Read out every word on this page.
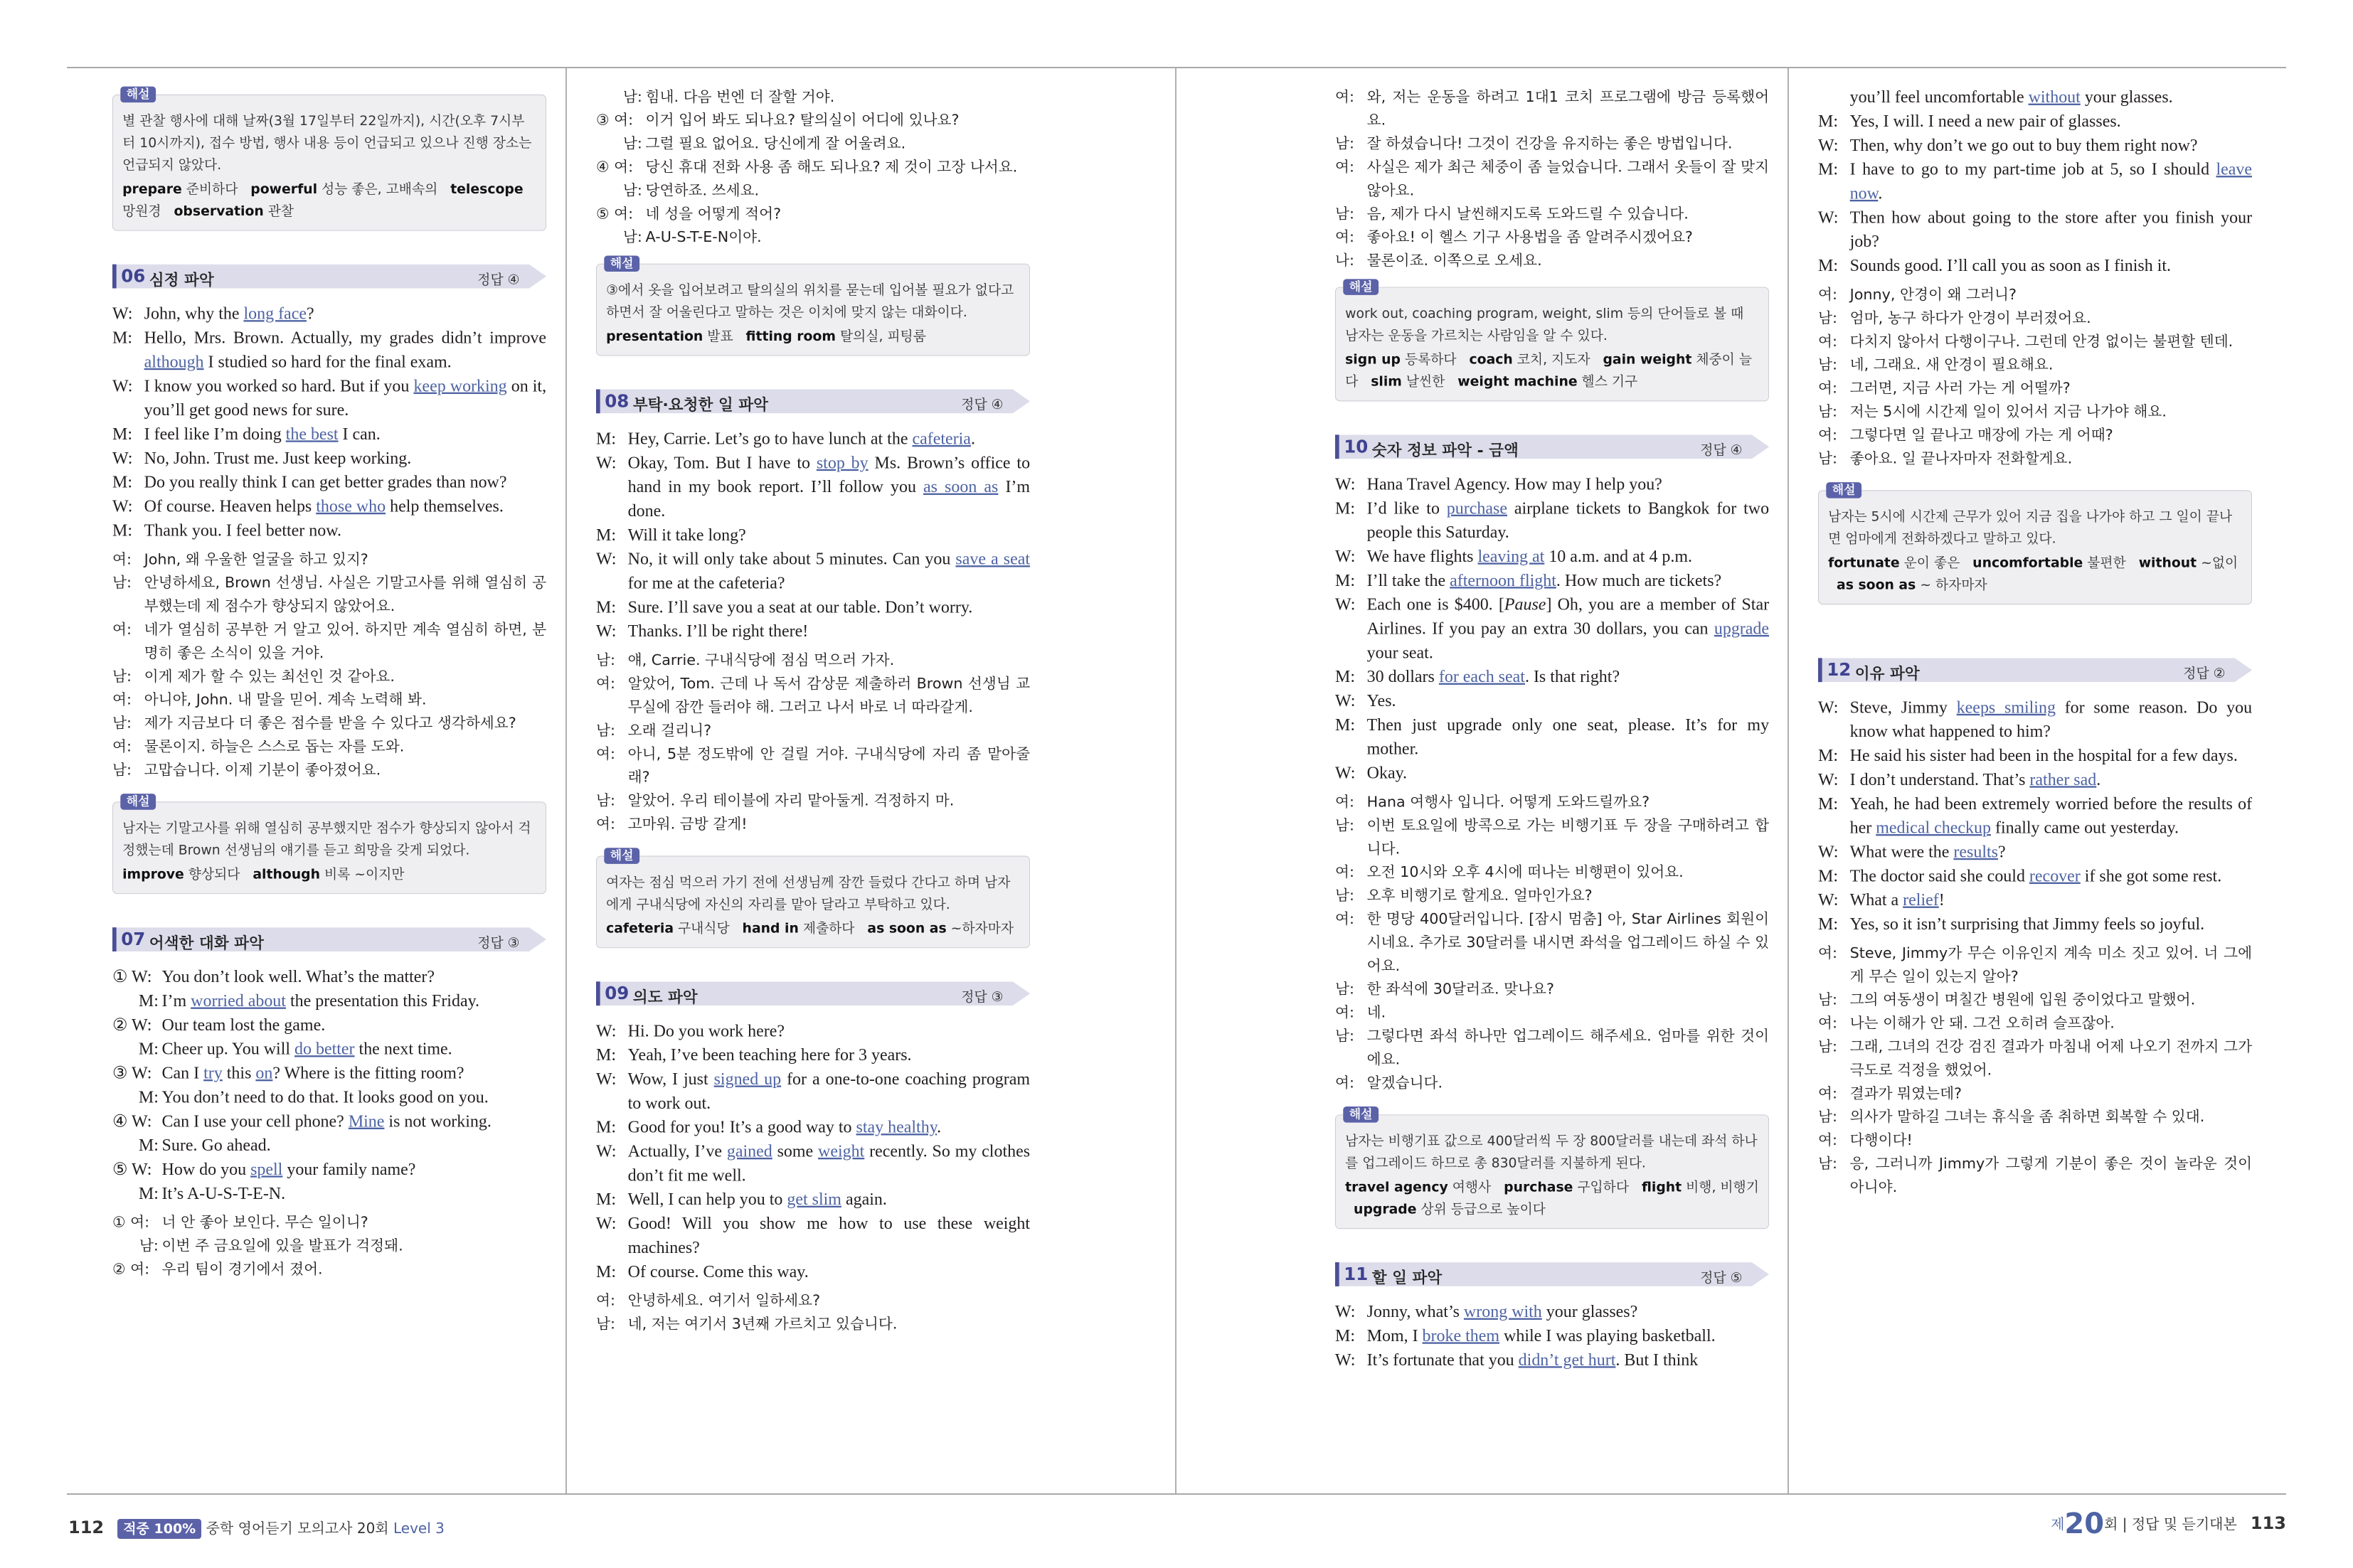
해설
별 관찰 행사에 대해 날짜(3월 17일부터 22일까지), 시간(오후 7시부터 10시까지), 접수 방법, 행사 내용 등이 언급되고 있으나 진행 장소는 언급되지 않았다.
prepare 준비하다 powerful 성능 좋은, 고배속의 telescope 망원경 observation 관찰
06 심정 파악	정답 ④
W: John, why the long face?
M: Hello, Mrs. Brown. Actually, my grades didn’t improve although I studied so hard for the final exam.
W: I know you worked so hard. But if you keep working on it, you’ll get good news for sure.
M: I feel like I’m doing the best I can.
W: No, John. Trust me. Just keep working.
M: Do you really think I can get better grades than now?
W: Of course. Heaven helps those who help themselves.
M: Thank you. I feel better now.
여: John, 왜 우울한 얼굴을 하고 있지?
남: 안녕하세요, Brown 선생님. 사실은 기말고사를 위해 열심히 공부했는데 제 점수가 향상되지 않았어요.
여: 네가 열심히 공부한 거 알고 있어. 하지만 계속 열심히 하면, 분명히 좋은 소식이 있을 거야.
남: 이게 제가 할 수 있는 최선인 것 같아요.
여: 아니야, John. 내 말을 믿어. 계속 노력해 봐.
남: 제가 지금보다 더 좋은 점수를 받을 수 있다고 생각하세요?
여: 물론이지. 하늘은 스스로 돕는 자를 도와.
남: 고맙습니다. 이제 기분이 좋아졌어요.
해설
남자는 기말고사를 위해 열심히 공부했지만 점수가 향상되지 않아서 걱정했는데 Brown 선생님의 얘기를 듣고 희망을 갖게 되었다.
improve 향상되다 although 비록 ~이지만
07 어색한 대화 파악	정답 ③
① W: You don’t look well. What’s the matter?
M: I’m worried about the presentation this Friday.
② W: Our team lost the game.
M: Cheer up. You will do better the next time.
③ W: Can I try this on? Where is the fitting room?
M: You don’t need to do that. It looks good on you.
④ W: Can I use your cell phone? Mine is not working.
M: Sure. Go ahead.
⑤ W: How do you spell your family name?
M: It’s A-U-S-T-E-N.
① 여: 너 안 좋아 보인다. 무슨 일이니?
남: 이번 주 금요일에 있을 발표가 걱정돼.
② 여: 우리 팀이 경기에서 졌어.
남: 힘내. 다음 번엔 더 잘할 거야.
③ 여: 이거 입어 봐도 되나요? 탈의실이 어디에 있나요?
남: 그럴 필요 없어요. 당신에게 잘 어울려요.
④ 여: 당신 휴대 전화 사용 좀 해도 되나요? 제 것이 고장 나서요.
남: 당연하죠. 쓰세요.
⑤ 여: 네 성을 어떻게 적어?
남: A-U-S-T-E-N이야.
해설
③에서 옷을 입어보려고 탈의실의 위치를 묻는데 입어볼 필요가 없다고 하면서 잘 어울린다고 말하는 것은 이치에 맞지 않는 대화이다.
presentation 발표 fitting room 탈의실, 피팅룸
08 부탁·요청한 일 파악	정답 ④
M: Hey, Carrie. Let’s go to have lunch at the cafeteria.
W: Okay, Tom. But I have to stop by Ms. Brown’s office to hand in my book report. I’ll follow you as soon as I’m done.
M: Will it take long?
W: No, it will only take about 5 minutes. Can you save a seat for me at the cafeteria?
M: Sure. I’ll save you a seat at our table. Don’t worry.
W: Thanks. I’ll be right there!
남: 얘, Carrie. 구내식당에 점심 먹으러 가자.
여: 알았어, Tom. 근데 나 독서 감상문 제출하러 Brown 선생님 교무실에 잠깐 들러야 해. 그러고 나서 바로 너 따라갈게.
남: 오래 걸리니?
여: 아니, 5분 정도밖에 안 걸릴 거야. 구내식당에 자리 좀 맡아줄래?
남: 알았어. 우리 테이블에 자리 맡아둘게. 걱정하지 마.
여: 고마워. 금방 갈게!
해설
여자는 점심 먹으러 가기 전에 선생님께 잠깐 들렀다 간다고 하며 남자에게 구내식당에 자신의 자리를 맡아 달라고 부탁하고 있다.
cafeteria 구내식당 hand in 제출하다 as soon as ~하자마자
09 의도 파악	정답 ③
W: Hi. Do you work here?
M: Yeah, I’ve been teaching here for 3 years.
W: Wow, I just signed up for a one-to-one coaching program to work out.
M: Good for you! It’s a good way to stay healthy.
W: Actually, I’ve gained some weight recently. So my clothes don’t fit me well.
M: Well, I can help you to get slim again.
W: Good! Will you show me how to use these weight machines?
M: Of course. Come this way.
여: 안녕하세요. 여기서 일하세요?
남: 네, 저는 여기서 3년째 가르치고 있습니다.
여: 와, 저는 운동을 하려고 1대1 코치 프로그램에 방금 등록했어요.
남: 잘 하셨습니다! 그것이 건강을 유지하는 좋은 방법입니다.
여: 사실은 제가 최근 체중이 좀 늘었습니다. 그래서 옷들이 잘 맞지 않아요.
남: 음, 제가 다시 날씬해지도록 도와드릴 수 있습니다.
여: 좋아요! 이 헬스 기구 사용법을 좀 알려주시겠어요?
나: 물론이죠. 이쪽으로 오세요.
해설
work out, coaching program, weight, slim 등의 단어들로 볼 때 남자는 운동을 가르치는 사람임을 알 수 있다.
sign up 등록하다 coach 코치, 지도자 gain weight 체중이 늘다 slim 날씬한 weight machine 헬스 기구
10 숫자 정보 파악 - 금액	정답 ④
W: Hana Travel Agency. How may I help you?
M: I’d like to purchase airplane tickets to Bangkok for two people this Saturday.
W: We have flights leaving at 10 a.m. and at 4 p.m.
M: I’ll take the afternoon flight. How much are tickets?
W: Each one is $400. [Pause] Oh, you are a member of Star Airlines. If you pay an extra 30 dollars, you can upgrade your seat.
M: 30 dollars for each seat. Is that right?
W: Yes.
M: Then just upgrade only one seat, please. It’s for my mother.
W: Okay.
여: Hana 여행사 입니다. 어떻게 도와드릴까요?
남: 이번 토요일에 방콕으로 가는 비행기표 두 장을 구매하려고 합니다.
여: 오전 10시와 오후 4시에 떠나는 비행편이 있어요.
남: 오후 비행기로 할게요. 얼마인가요?
여: 한 명당 400달러입니다. [잠시 멈춤] 아, Star Airlines 회원이시네요. 추가로 30달러를 내시면 좌석을 업그레이드 하실 수 있어요.
남: 한 좌석에 30달러죠. 맞나요?
여: 네.
남: 그렇다면 좌석 하나만 업그레이드 해주세요. 엄마를 위한 것이에요.
여: 알겠습니다.
해설
남자는 비행기표 값으로 400달러씩 두 장 800달러를 내는데 좌석 하나를 업그레이드 하므로 총 830달러를 지불하게 된다.
travel agency 여행사 purchase 구입하다 flight 비행, 비행기   upgrade 상위 등급으로 높이다
11 할 일 파악	정답 ⑤
W: Jonny, what’s wrong with your glasses?
M: Mom, I broke them while I was playing basketball.
W: It’s fortunate that you didn’t get hurt. But I think
you’ll feel uncomfortable without your glasses.
M: Yes, I will. I need a new pair of glasses.
W: Then, why don’t we go out to buy them right now?
M: I have to go to my part-time job at 5, so I should leave now.
W: Then how about going to the store after you finish your job?
M: Sounds good. I’ll call you as soon as I finish it.
여: Jonny, 안경이 왜 그러니?
남: 엄마, 농구 하다가 안경이 부러졌어요.
여: 다치지 않아서 다행이구나. 그런데 안경 없이는 불편할 텐데.
남: 네, 그래요. 새 안경이 필요해요.
여: 그러면, 지금 사러 가는 게 어떨까?
남: 저는 5시에 시간제 일이 있어서 지금 나가야 해요.
여: 그렇다면 일 끝나고 매장에 가는 게 어때?
남: 좋아요. 일 끝나자마자 전화할게요.
해설
남자는 5시에 시간제 근무가 있어 지금 집을 나가야 하고 그 일이 끝나면 엄마에게 전화하겠다고 말하고 있다.
fortunate 운이 좋은 uncomfortable 불편한 without ~없이   as soon as ~ 하자마자
12 이유 파악	정답 ②
W: Steve, Jimmy keeps smiling for some reason. Do you know what happened to him?
M: He said his sister had been in the hospital for a few days.
W: I don’t understand. That’s rather sad.
M: Yeah, he had been extremely worried before the results of her medical checkup finally came out yesterday.
W: What were the results?
M: The doctor said she could recover if she got some rest.
W: What a relief!
M: Yes, so it isn’t surprising that Jimmy feels so joyful.
여: Steve, Jimmy가 무슨 이유인지 계속 미소 짓고 있어. 너 그에게 무슨 일이 있는지 알아?
남: 그의 여동생이 며칠간 병원에 입원 중이었다고 말했어.
여: 나는 이해가 안 돼. 그건 오히려 슬프잖아.
남: 그래, 그녀의 건강 검진 결과가 마침내 어제 나오기 전까지 그가 극도로 걱정을 했었어.
여: 결과가 뭐였는데?
남: 의사가 말하길 그녀는 휴식을 좀 취하면 회복할 수 있대.
여: 다행이다!
남: 응, 그러니까 Jimmy가 그렇게 기분이 좋은 것이 놀라운 것이 아니야.
112 적중 100% 중학 영어듣기 모의고사 20회 Level 3	제20회 | 정답 및 듣기대본 113
